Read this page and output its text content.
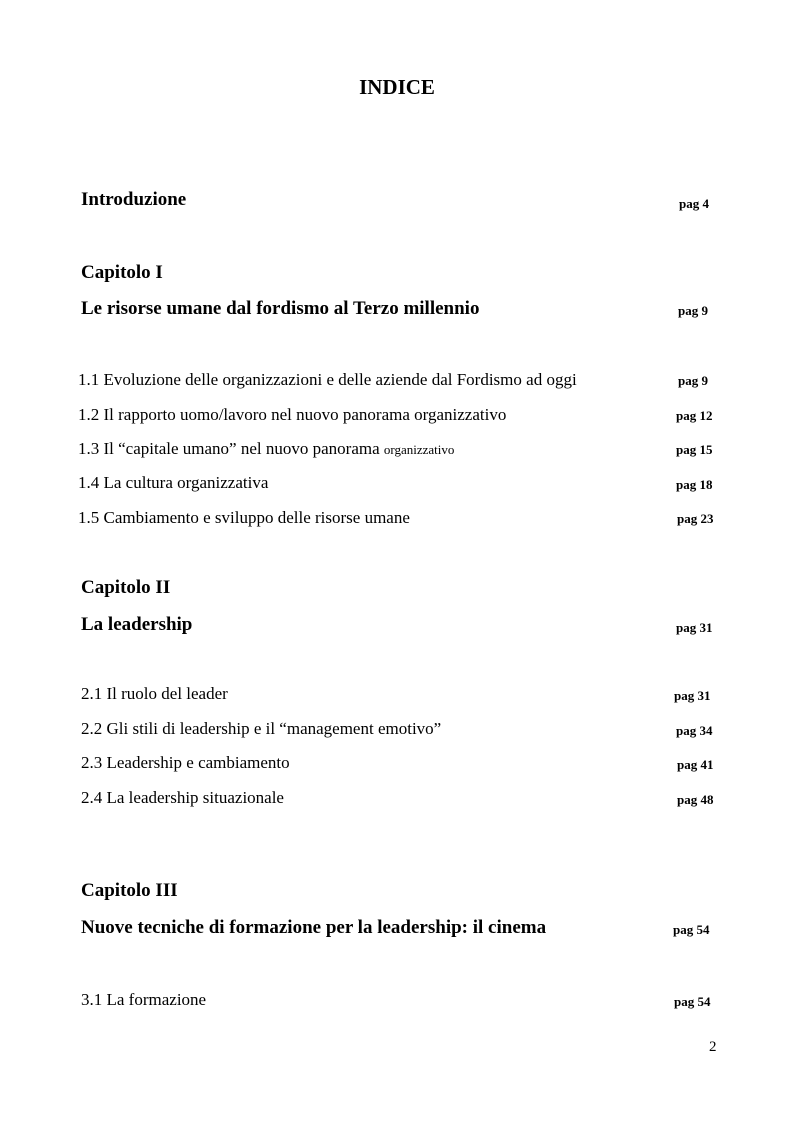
INDICE
Introduzione	pag 4
Capitolo I
Le risorse umane dal fordismo al Terzo millennio	pag 9
1.1 Evoluzione delle organizzazioni e delle aziende dal Fordismo ad oggi	pag 9
1.2 Il rapporto uomo/lavoro nel nuovo panorama organizzativo	pag 12
1.3 Il “capitale umano” nel nuovo panorama organizzativo	pag 15
1.4 La cultura organizzativa	pag 18
1.5 Cambiamento e sviluppo delle risorse umane	pag 23
Capitolo II
La leadership	pag 31
2.1 Il ruolo del leader	pag 31
2.2 Gli stili di leadership e il “management emotivo”	pag 34
2.3 Leadership e cambiamento	pag 41
2.4 La leadership situazionale	pag 48
Capitolo III
Nuove tecniche di formazione per la leadership: il cinema	pag 54
3.1 La formazione	pag 54
2
